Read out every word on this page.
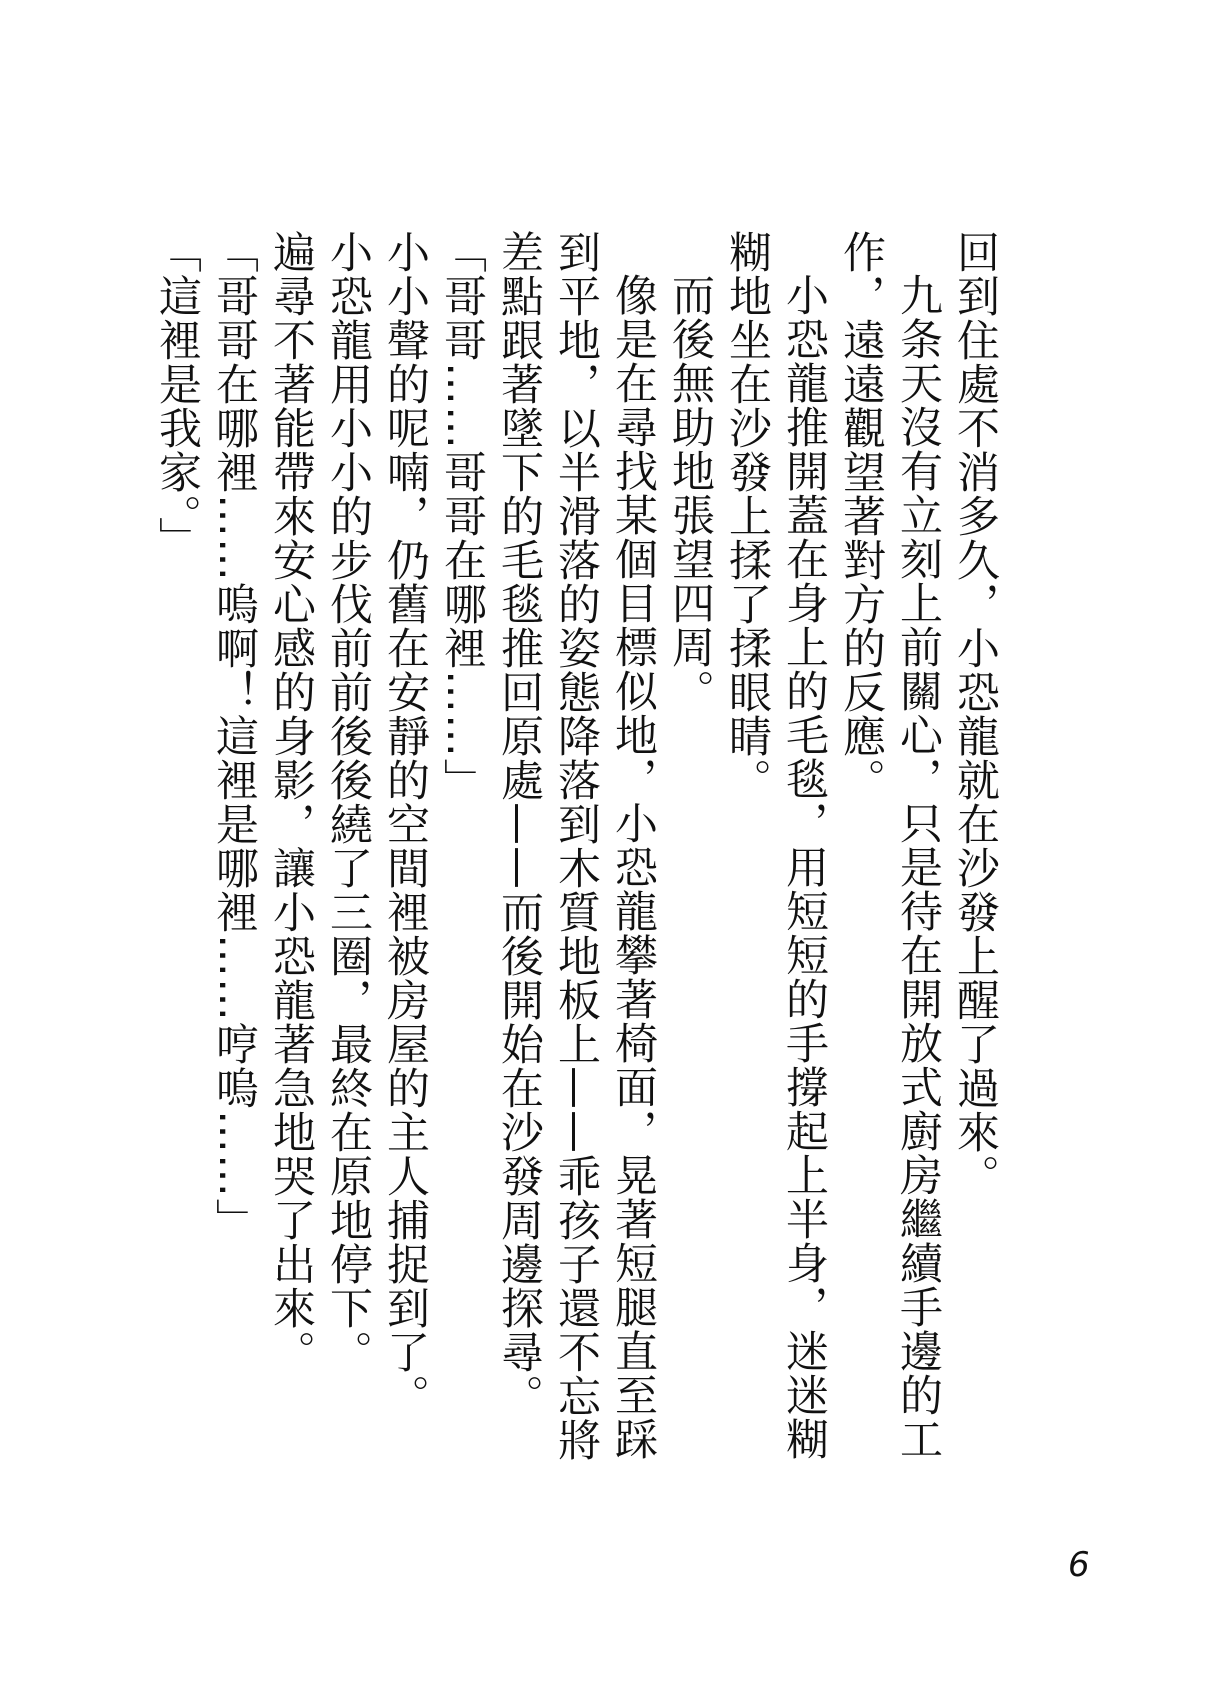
回到住處不消多久，小恐龍就在沙發上醒了過來。

九条天沒有立刻上前關心，只是待在開放式廚房繼續手邊的工作，遠遠觀望著對方的反應。

小恐龍推開蓋在身上的毛毯，用短短的手撐起上半身，迷迷糊糊地坐在沙發上揉了揉眼睛。

而後無助地張望四周。

像是在尋找某個目標似地，小恐龍攀著椅面，晃著短腿直至踩到平地，以半滑落的姿態降落到木質地板上——乖孩子還不忘將差點跟著墜下的毛毯推回原處——而後開始在沙發周邊探尋。

「哥哥……哥哥在哪裡……」

小小聲的呢喃，仍舊在安靜的空間裡被房屋的主人捕捉到了。

小恐龍用小小的步伐前前後後繞了三圈，最終在原地停下。

遍尋不著能帶來安心感的身影，讓小恐龍著急地哭了出來。

「哥哥在哪裡……嗚啊！這裡是哪裡……哼嗚……」

「這裡是我家。」

6
